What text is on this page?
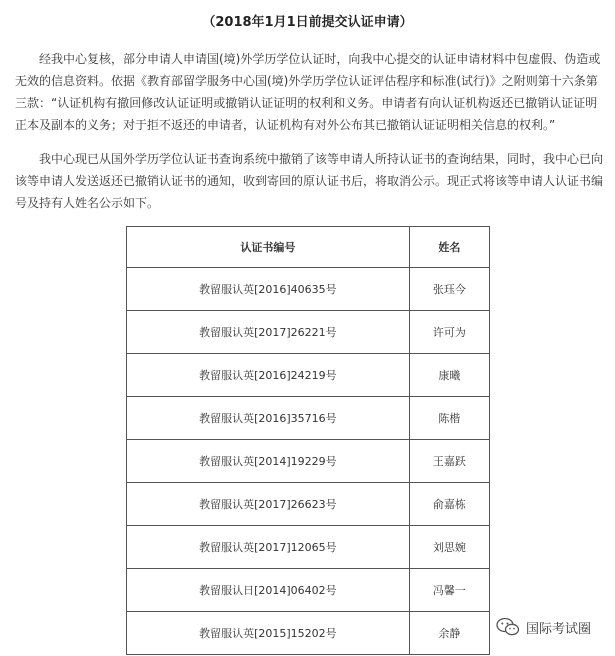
（2018年1月1日前提交认证申请）

经我中心复核，部分申请人申请国(境)外学历学位认证时，向我中心提交的认证申请材料中包虚假、伪造或无效的信息资料。依据《教育部留学服务中心国(境)外学历学位认证评估程序和标准(试行)》之附则第十六条第三款：“认证机构有撤回修改认证证明或撤销认证证明的权利和义务。申请者有向认证机构返还已撤销认证证明正本及副本的义务；对于拒不返还的申请者，认证机构有对外公布其已撤销认证证明相关信息的权利。”

我中心现已从国外学历学位认证书查询系统中撤销了该等申请人所持认证书的查询结果，同时，我中心已向该等申请人发送返还已撤销认证书的通知，收到寄回的原认证书后，将取消公示。现正式将该等申请人认证书编号及持有人姓名公示如下。

认证书编号	姓名
教留服认英[2016]40635号	张珏今
教留服认英[2017]26221号	许可为
教留服认英[2016]24219号	康曦
教留服认英[2016]35716号	陈楷
教留服认英[2014]19229号	王嘉跃
教留服认英[2017]26623号	俞嘉栋
教留服认英[2017]12065号	刘思婉
教留服认日[2014]06402号	冯馨一
教留服认英[2015]15202号	余静	国际考试圈
